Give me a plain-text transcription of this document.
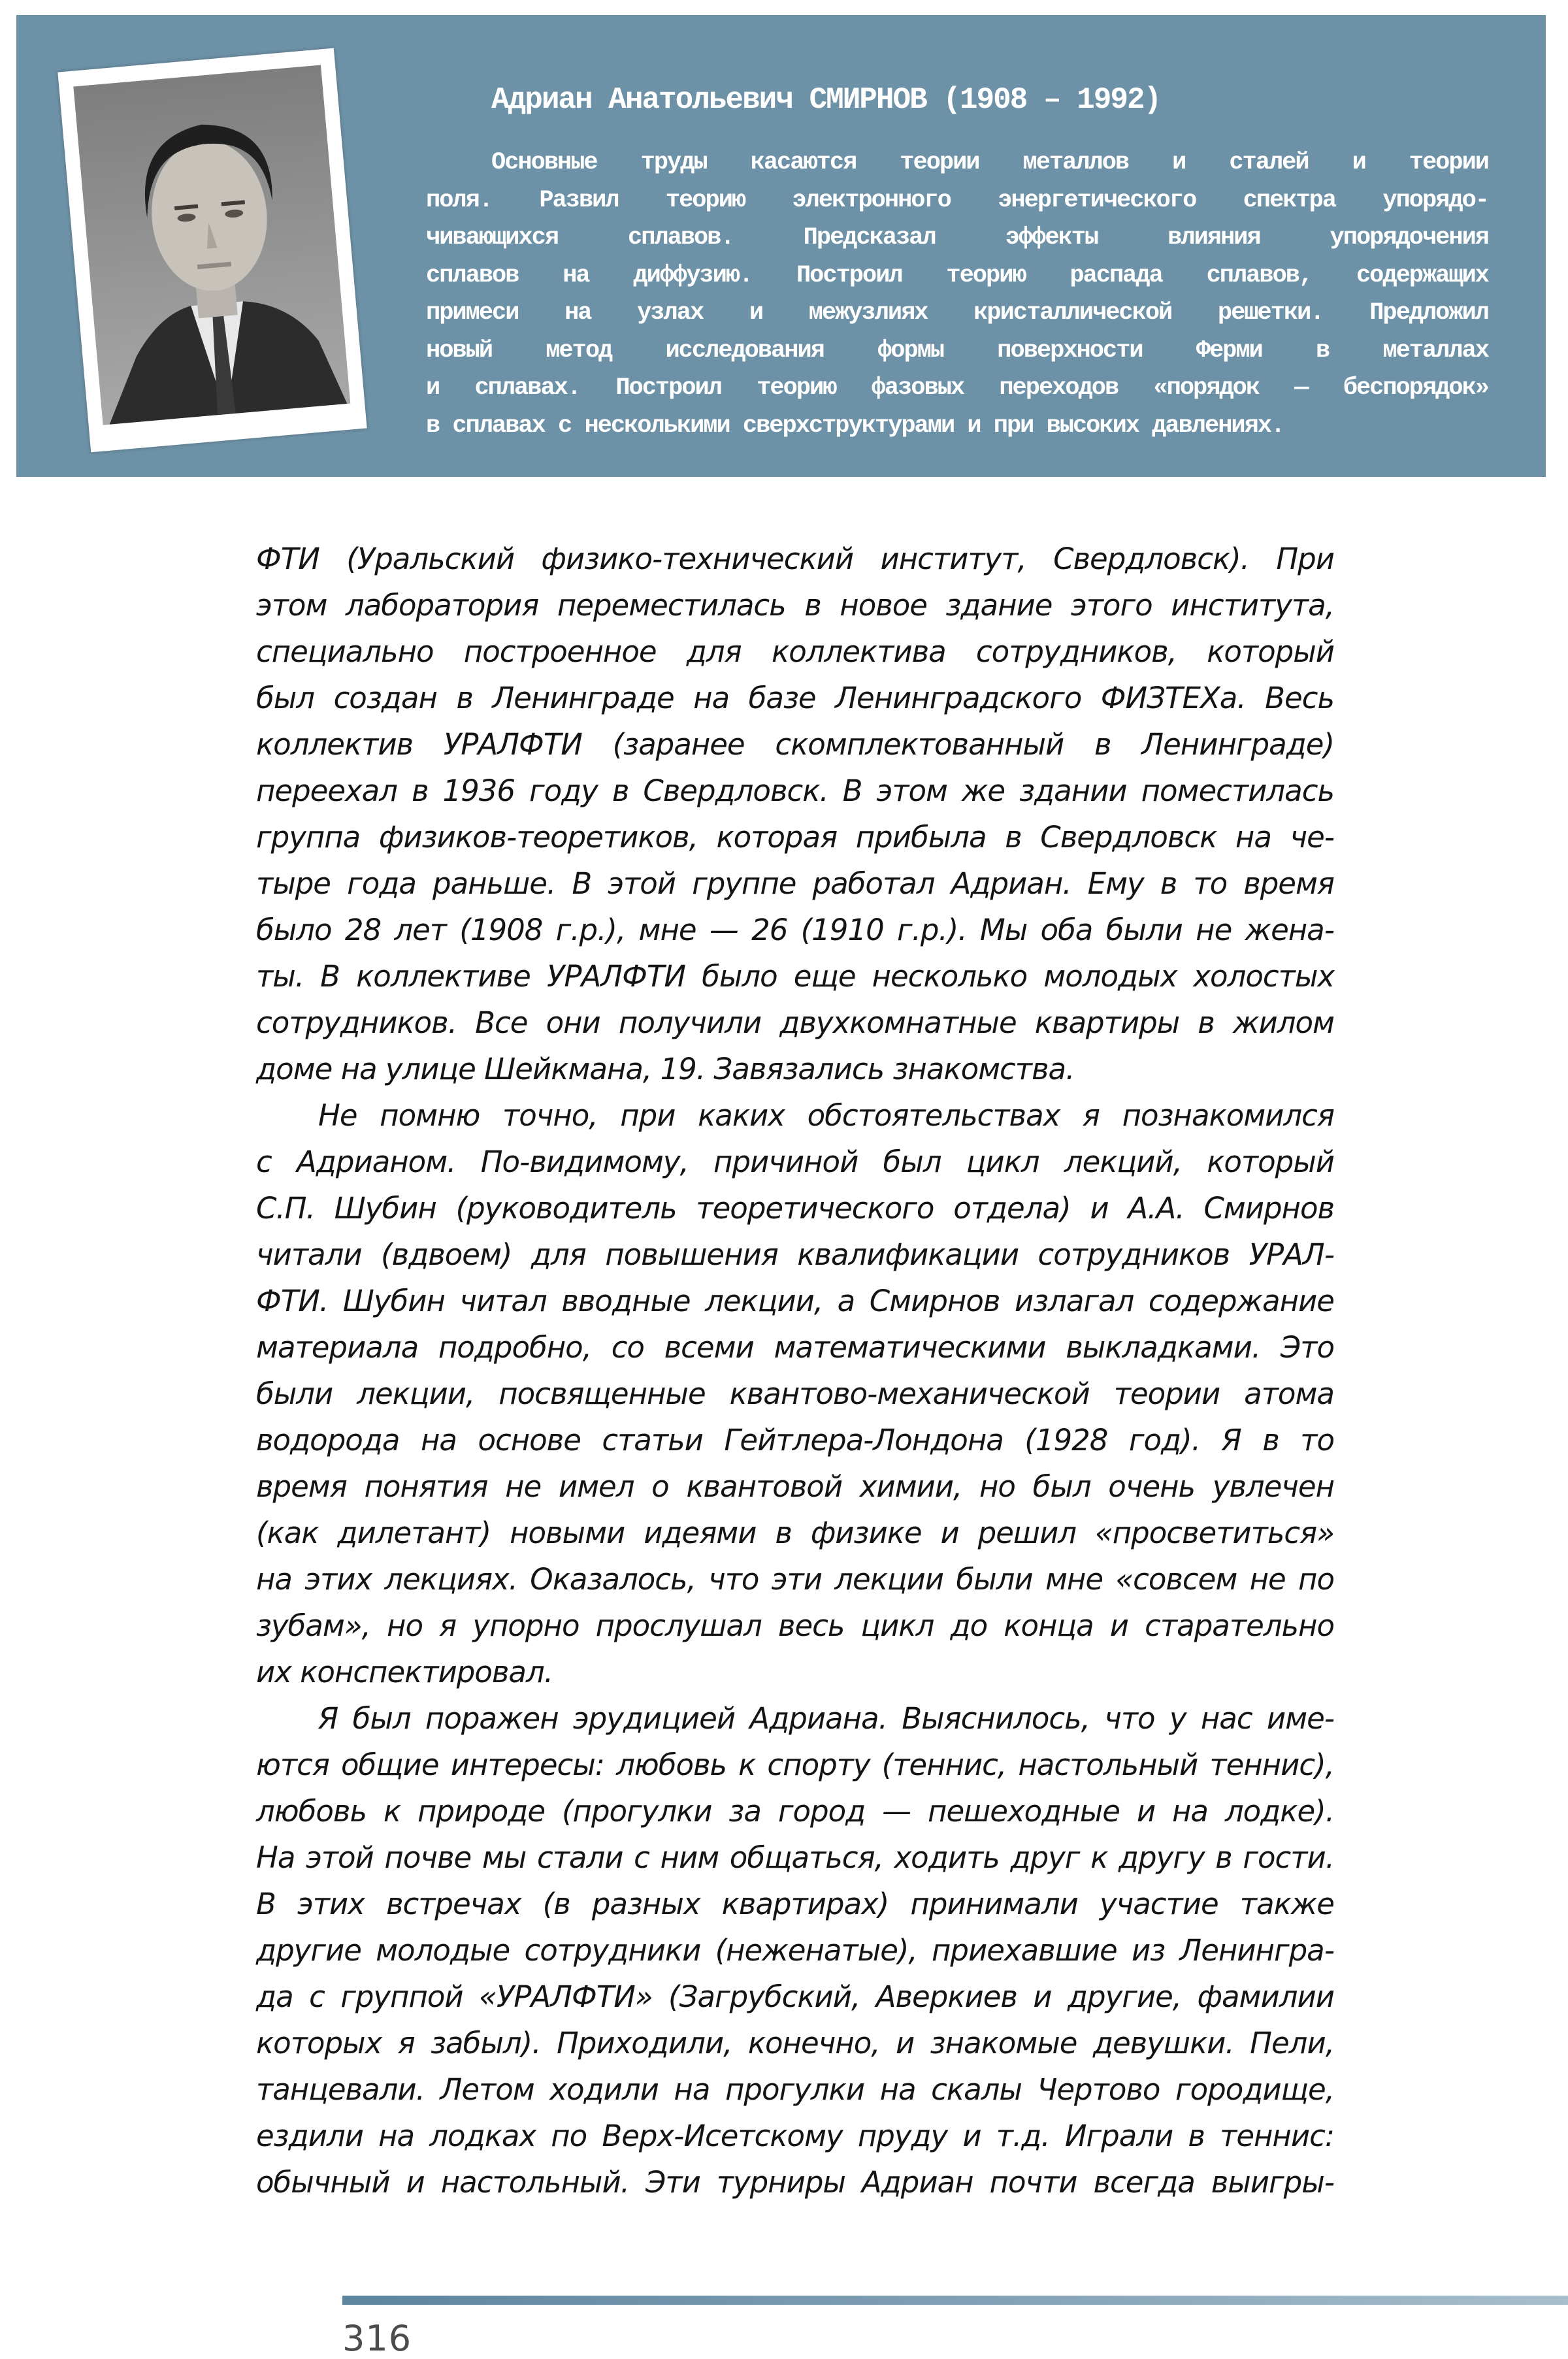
Адриан Анатольевич СМИРНОВ (1908 – 1992)
Основные труды касаются теории металлов и сталей и теории
поля. Развил теорию электронного энергетического спектра упорядо-
чивающихся сплавов. Предсказал эффекты влияния упорядочения
сплавов на диффузию. Построил теорию распада сплавов, содержащих
примеси на узлах и межузлиях кристаллической решетки. Предложил
новый метод исследования формы поверхности Ферми в металлах
и сплавах. Построил теорию фазовых переходов «порядок — беспорядок»
в сплавах с несколькими сверхструктурами и при высоких давлениях.
ФТИ (Уральский физико-технический институт, Свердловск). При
этом лаборатория переместилась в новое здание этого института,
специально построенное для коллектива сотрудников, который
был создан в Ленинграде на базе Ленинградского ФИЗТЕХа. Весь
коллектив УРАЛФТИ (заранее скомплектованный в Ленинграде)
переехал в 1936 году в Свердловск. В этом же здании поместилась
группа физиков-теоретиков, которая прибыла в Свердловск на че-
тыре года раньше. В этой группе работал Адриан. Ему в то время
было 28 лет (1908 г.р.), мне — 26 (1910 г.р.). Мы оба были не жена-
ты. В коллективе УРАЛФТИ было еще несколько молодых холостых
сотрудников. Все они получили двухкомнатные квартиры в жилом
доме на улице Шейкмана, 19. Завязались знакомства.
Не помню точно, при каких обстоятельствах я познакомился
с Адрианом. По-видимому, причиной был цикл лекций, который
С.П. Шубин (руководитель теоретического отдела) и А.А. Смирнов
читали (вдвоем) для повышения квалификации сотрудников УРАЛ-
ФТИ. Шубин читал вводные лекции, а Смирнов излагал содержание
материала подробно, со всеми математическими выкладками. Это
были лекции, посвященные квантово-механической теории атома
водорода на основе статьи Гейтлера-Лондона (1928 год). Я в то
время понятия не имел о квантовой химии, но был очень увлечен
(как дилетант) новыми идеями в физике и решил «просветиться»
на этих лекциях. Оказалось, что эти лекции были мне «совсем не по
зубам», но я упорно прослушал весь цикл до конца и старательно
их конспектировал.
Я был поражен эрудицией Адриана. Выяснилось, что у нас име-
ются общие интересы: любовь к спорту (теннис, настольный теннис),
любовь к природе (прогулки за город — пешеходные и на лодке).
На этой почве мы стали с ним общаться, ходить друг к другу в гости.
В этих встречах (в разных квартирах) принимали участие также
другие молодые сотрудники (неженатые), приехавшие из Ленингра-
да с группой «УРАЛФТИ» (Загрубский, Аверкиев и другие, фамилии
которых я забыл). Приходили, конечно, и знакомые девушки. Пели,
танцевали. Летом ходили на прогулки на скалы Чертово городище,
ездили на лодках по Верх-Исетскому пруду и т.д. Играли в теннис:
обычный и настольный. Эти турниры Адриан почти всегда выигры-
316
